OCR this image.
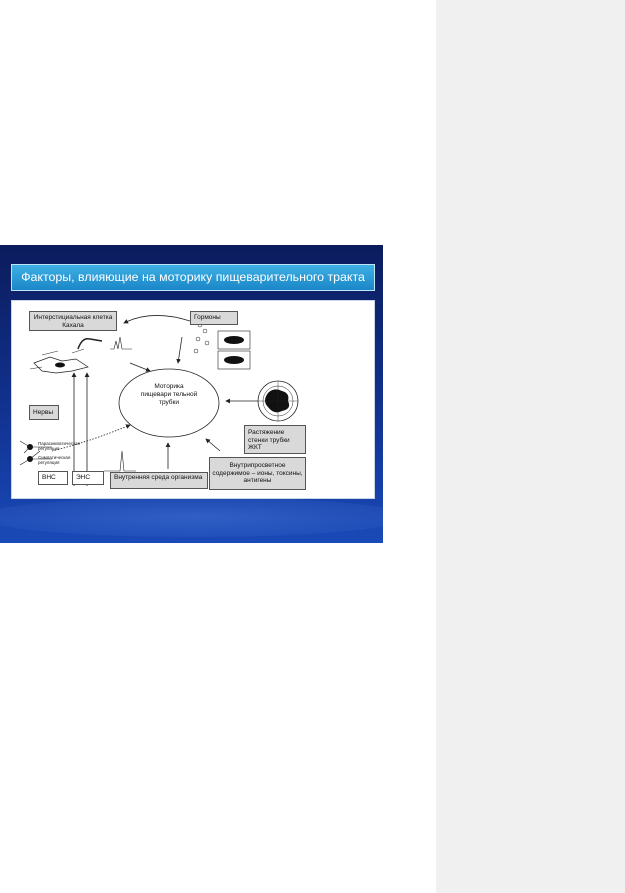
Факторы, влияющие на моторику пищеварительного тракта
Интерстициальная клетка Кахала
Гормоны
Нервы
Моторика пищевари тельной трубки
Парасимпатическая регуляция
Симпатическая регуляция
ВНС	ЭНС	Внутренняя среда организма
Внутрипросветное содержимое – ионы, токсины, антигены
Растяжение стенки трубки ЖКТ
